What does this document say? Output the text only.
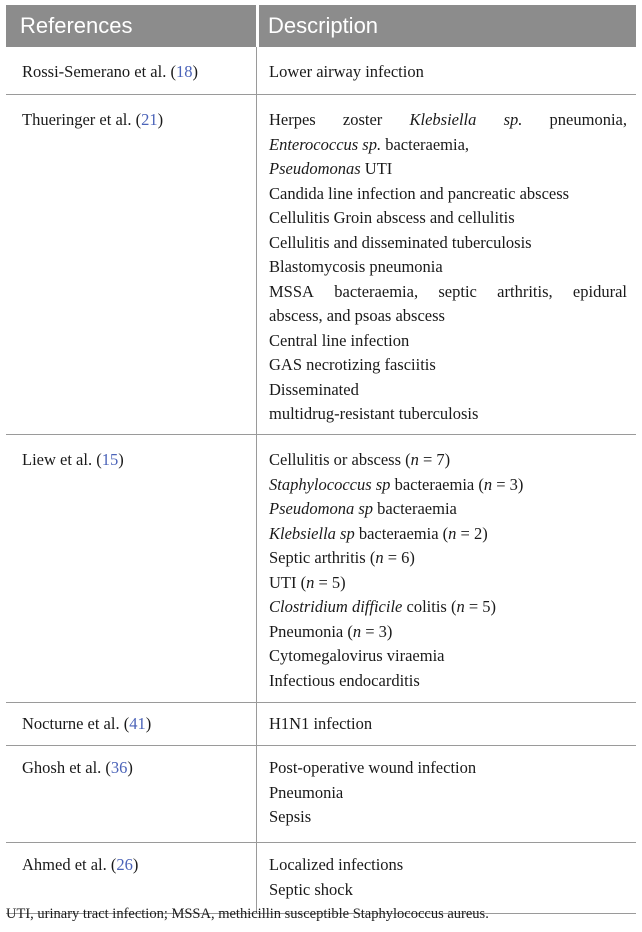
References	Description
Rossi-Semerano et al. (18)	Lower airway infection
Thueringer et al. (21)	Herpes zoster Klebsiella sp. pneumonia,
Enterococcus sp. bacteraemia,
Pseudomonas UTI
Candida line infection and pancreatic abscess
Cellulitis Groin abscess and cellulitis
Cellulitis and disseminated tuberculosis
Blastomycosis pneumonia
MSSA bacteraemia, septic arthritis, epidural
abscess, and psoas abscess
Central line infection
GAS necrotizing fasciitis
Disseminated
multidrug-resistant tuberculosis
Liew et al. (15)	Cellulitis or abscess (n = 7)
Staphylococcus sp bacteraemia (n = 3)
Pseudomona sp bacteraemia
Klebsiella sp bacteraemia (n = 2)
Septic arthritis (n = 6)
UTI (n = 5)
Clostridium difficile colitis (n = 5)
Pneumonia (n = 3)
Cytomegalovirus viraemia
Infectious endocarditis
Nocturne et al. (41)	H1N1 infection
Ghosh et al. (36)	Post-operative wound infection
Pneumonia
Sepsis
Ahmed et al. (26)	Localized infections
Septic shock
UTI, urinary tract infection; MSSA, methicillin susceptible Staphylococcus aureus.
